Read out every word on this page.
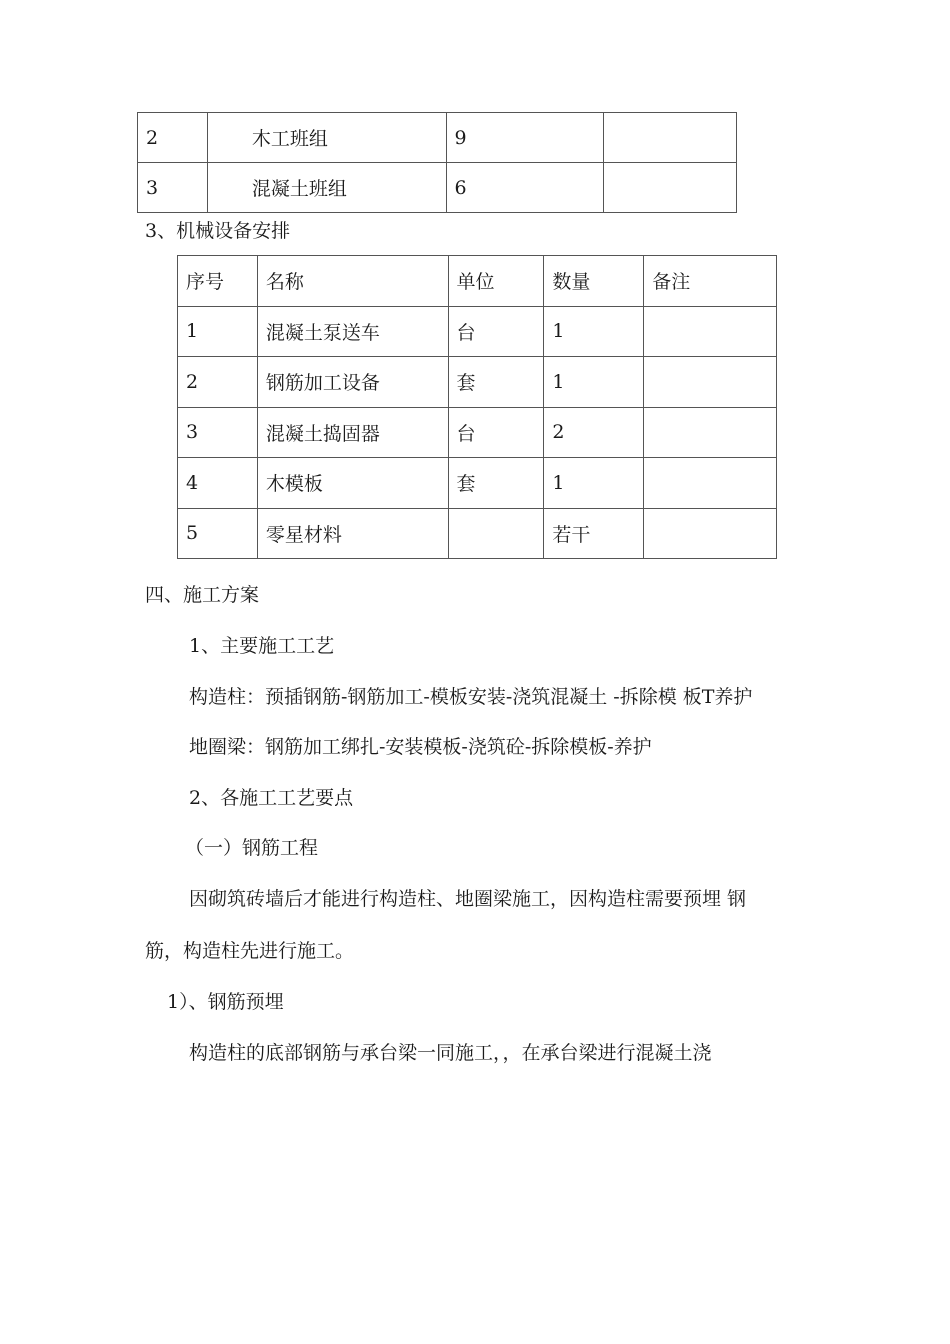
2	木工班组	9	
3	混凝土班组	6	
3、机械设备安排
序号	名称	单位	数量	备注
1	混凝土泵送车	台	1	
2	钢筋加工设备	套	1	
3	混凝土捣固器	台	2	
4	木模板	套	1	
5	零星材料		若干	
四、施工方案
1、主要施工工艺
构造柱：预插钢筋-钢筋加工-模板安装-浇筑混凝土 -拆除模 板T养护
地圈梁：钢筋加工绑扎-安装模板-浇筑砼-拆除模板-养护
2、各施工工艺要点
（一）钢筋工程
因砌筑砖墙后才能进行构造柱、地圈梁施工，因构造柱需要预埋 钢
筋，构造柱先进行施工。
1）、钢筋预埋
构造柱的底部钢筋与承台梁一同施工，，在承台梁进行混凝土浇
